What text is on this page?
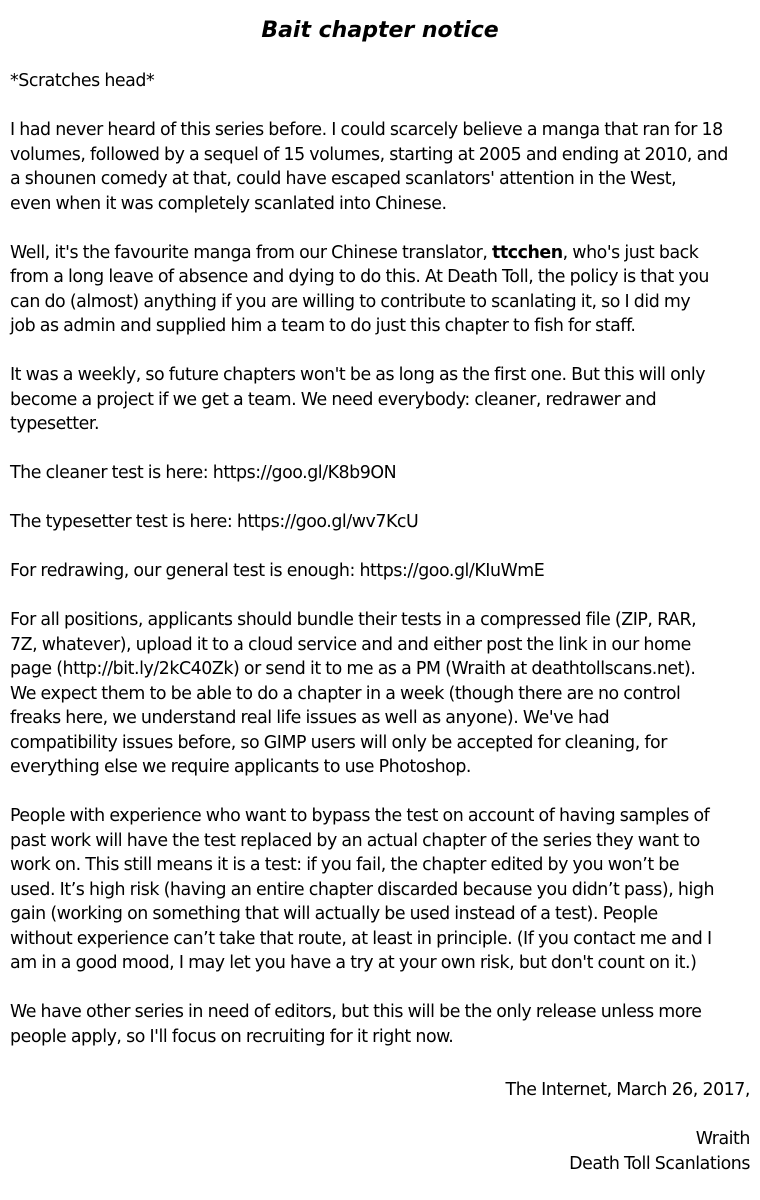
Bait chapter notice

*Scratches head*

I had never heard of this series before. I could scarcely believe a manga that ran for 18
volumes, followed by a sequel of 15 volumes, starting at 2005 and ending at 2010, and
a shounen comedy at that, could have escaped scanlators' attention in the West,
even when it was completely scanlated into Chinese.

Well, it's the favourite manga from our Chinese translator, ttcchen, who's just back
from a long leave of absence and dying to do this. At Death Toll, the policy is that you
can do (almost) anything if you are willing to contribute to scanlating it, so I did my
job as admin and supplied him a team to do just this chapter to fish for staff.

It was a weekly, so future chapters won't be as long as the first one. But this will only
become a project if we get a team. We need everybody: cleaner, redrawer and
typesetter.

The cleaner test is here: https://goo.gl/K8b9ON

The typesetter test is here: https://goo.gl/wv7KcU

For redrawing, our general test is enough: https://goo.gl/KIuWmE

For all positions, applicants should bundle their tests in a compressed file (ZIP, RAR,
7Z, whatever), upload it to a cloud service and and either post the link in our home
page (http://bit.ly/2kC40Zk) or send it to me as a PM (Wraith at deathtollscans.net).
We expect them to be able to do a chapter in a week (though there are no control
freaks here, we understand real life issues as well as anyone). We've had
compatibility issues before, so GIMP users will only be accepted for cleaning, for
everything else we require applicants to use Photoshop.

People with experience who want to bypass the test on account of having samples of
past work will have the test replaced by an actual chapter of the series they want to
work on. This still means it is a test: if you fail, the chapter edited by you won’t be
used. It’s high risk (having an entire chapter discarded because you didn’t pass), high
gain (working on something that will actually be used instead of a test). People
without experience can’t take that route, at least in principle. (If you contact me and I
am in a good mood, I may let you have a try at your own risk, but don't count on it.)

We have other series in need of editors, but this will be the only release unless more
people apply, so I'll focus on recruiting for it right now.

The Internet, March 26, 2017,
Wraith
Death Toll Scanlations
